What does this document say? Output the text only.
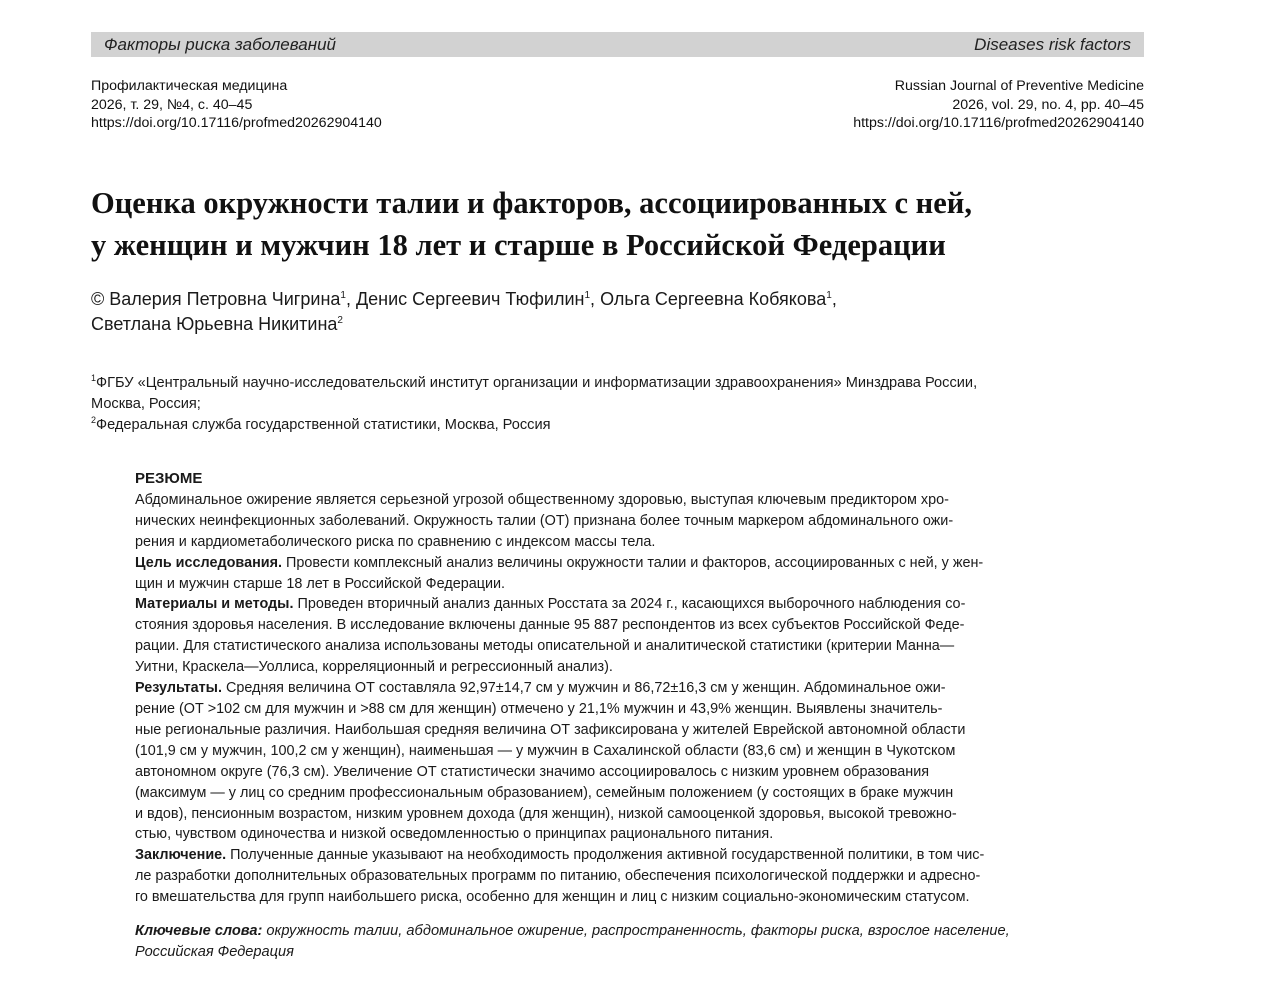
Факторы риска заболеваний	Diseases risk factors
Профилактическая медицина
2026, т. 29, №4, с. 40–45
https://doi.org/10.17116/profmed20262904140
Russian Journal of Preventive Medicine
2026, vol. 29, no. 4, pp. 40–45
https://doi.org/10.17116/profmed20262904140
Оценка окружности талии и факторов, ассоциированных с ней,
у женщин и мужчин 18 лет и старше в Российской Федерации
© Валерия Петровна Чигрина$^1$, Денис Сергеевич Тюфилин$^1$, Ольга Сергеевна Кобякова$^1$,
Светлана Юрьевна Никитина$^2$
$^1$ФГБУ «Центральный научно-исследовательский институт организации и информатизации здравоохранения» Минздрава России,
Москва, Россия;
$^2$Федеральная служба государственной статистики, Москва, Россия
РЕЗЮМЕ
Абдоминальное ожирение является серьезной угрозой общественному здоровью, выступая ключевым предиктором хро-
нических неинфекционных заболеваний. Окружность талии (ОТ) признана более точным маркером абдоминального ожи-
рения и кардиометаболического риска по сравнению с индексом массы тела.
Цель исследования. Провести комплексный анализ величины окружности талии и факторов, ассоциированных с ней, у жен-
щин и мужчин старше 18 лет в Российской Федерации.
Материалы и методы. Проведен вторичный анализ данных Росстата за 2024 г., касающихся выборочного наблюдения со-
стояния здоровья населения. В исследование включены данные 95 887 респондентов из всех субъектов Российской Феде-
рации. Для статистического анализа использованы методы описательной и аналитической статистики (критерии Манна—
Уитни, Краскела—Уоллиса, корреляционный и регрессионный анализ).
Результаты. Средняя величина ОТ составляла 92,97±14,7 см у мужчин и 86,72±16,3 см у женщин. Абдоминальное ожи-
рение (ОТ >102 см для мужчин и >88 см для женщин) отмечено у 21,1% мужчин и 43,9% женщин. Выявлены значитель-
ные региональные различия. Наибольшая средняя величина ОТ зафиксирована у жителей Еврейской автономной области
(101,9 см у мужчин, 100,2 см у женщин), наименьшая — у мужчин в Сахалинской области (83,6 см) и женщин в Чукотском
автономном округе (76,3 см). Увеличение ОТ статистически значимо ассоциировалось с низким уровнем образования
(максимум — у лиц со средним профессиональным образованием), семейным положением (у состоящих в браке мужчин
и вдов), пенсионным возрастом, низким уровнем дохода (для женщин), низкой самооценкой здоровья, высокой тревожно-
стью, чувством одиночества и низкой осведомленностью о принципах рационального питания.
Заключение. Полученные данные указывают на необходимость продолжения активной государственной политики, в том чис-
ле разработки дополнительных образовательных программ по питанию, обеспечения психологической поддержки и адресно-
го вмешательства для групп наибольшего риска, особенно для женщин и лиц с низким социально-экономическим статусом.
Ключевые слова: окружность талии, абдоминальное ожирение, распространенность, факторы риска, взрослое население,
Российская Федерация
